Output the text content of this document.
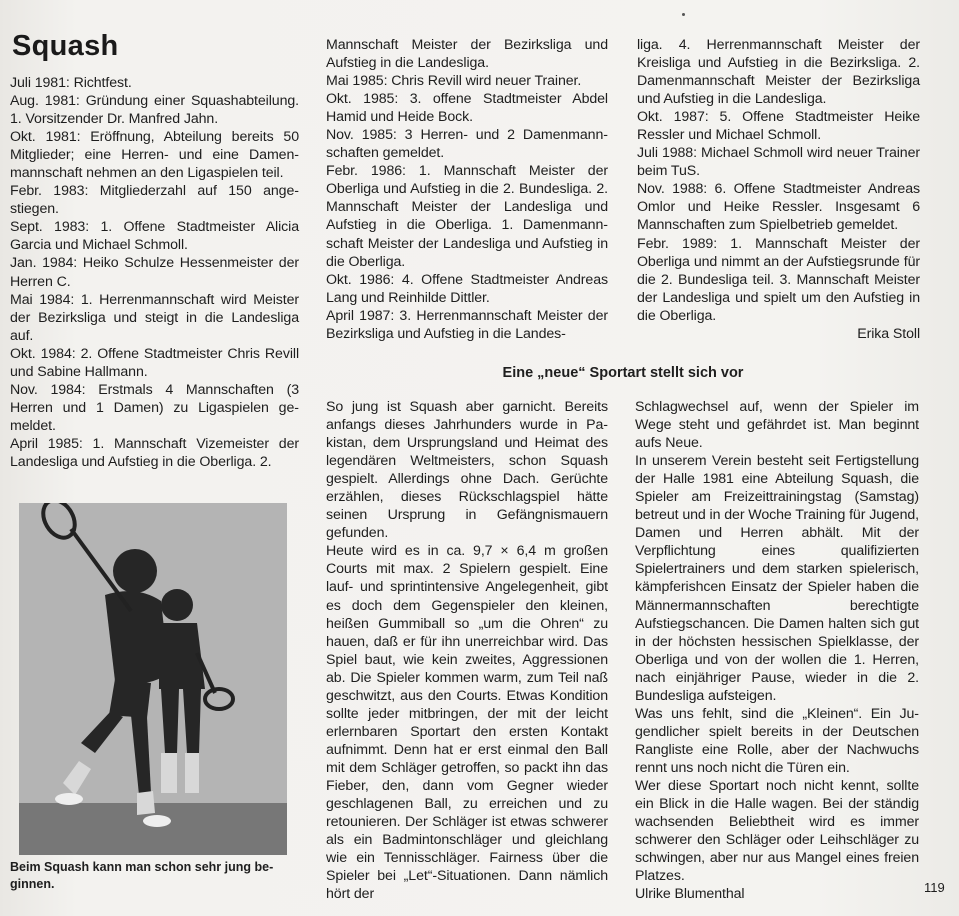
Squash

Juli 1981: Richtfest.

Aug. 1981: Gründung einer Squashabteilung. 1. Vorsitzender Dr. Manfred Jahn.

Okt. 1981: Eröffnung, Abteilung bereits 50 Mitglieder; eine Herren- und eine Damenmannschaft nehmen an den Ligaspielen teil.

Febr. 1983: Mitgliederzahl auf 150 angestiegen.

Sept. 1983: 1. Offene Stadtmeister Alicia Garcia und Michael Schmoll.

Jan. 1984: Heiko Schulze Hessenmeister der Herren C.

Mai 1984: 1. Herrenmannschaft wird Meister der Bezirksliga und steigt in die Landesliga auf.

Okt. 1984: 2. Offene Stadtmeister Chris Revill und Sabine Hallmann.

Nov. 1984: Erstmals 4 Mannschaften (3 Herren und 1 Damen) zu Ligaspielen gemeldet.

April 1985: 1. Mannschaft Vizemeister der Landesliga und Aufstieg in die Oberliga. 2.

Mannschaft Meister der Bezirksliga und Aufstieg in die Landesliga.

Mai 1985: Chris Revill wird neuer Trainer.

Okt. 1985: 3. offene Stadtmeister Abdel Hamid und Heide Bock.

Nov. 1985: 3 Herren- und 2 Damenmannschaften gemeldet.

Febr. 1986: 1. Mannschaft Meister der Oberliga und Aufstieg in die 2. Bundesliga. 2. Mannschaft Meister der Landesliga und Aufstieg in die Oberliga. 1. Damenmannschaft Meister der Landesliga und Aufstieg in die Oberliga.

Okt. 1986: 4. Offene Stadtmeister Andreas Lang und Reinhilde Dittler.

April 1987: 3. Herrenmannschaft Meister der Bezirksliga und Aufstieg in die Landes-

liga. 4. Herrenmannschaft Meister der Kreisliga und Aufstieg in die Bezirksliga. 2. Damenmannschaft Meister der Bezirksliga und Aufstieg in die Landesliga.

Okt. 1987: 5. Offene Stadtmeister Heike Ressler und Michael Schmoll.

Juli 1988: Michael Schmoll wird neuer Trainer beim TuS.

Nov. 1988: 6. Offene Stadtmeister Andreas Omlor und Heike Ressler. Insgesamt 6 Mannschaften zum Spielbetrieb gemeldet.

Febr. 1989: 1. Mannschaft Meister der Oberliga und nimmt an der Aufstiegsrunde für die 2. Bundesliga teil. 3. Mannschaft Meister der Landesliga und spielt um den Aufstieg in die Oberliga.

Erika Stoll
Eine „neue“ Sportart stellt sich vor

So jung ist Squash aber garnicht. Bereits anfangs dieses Jahrhunders wurde in Pakistan, dem Ursprungsland und Heimat des legendären Weltmeisters, schon Squash gespielt. Allerdings ohne Dach. Gerüchte erzählen, dieses Rückschlagspiel hätte seinen Ursprung in Gefängnismauern gefunden.

Heute wird es in ca. 9,7 × 6,4 m großen Courts mit max. 2 Spielern gespielt. Eine lauf- und sprintintensive Angelegenheit, gibt es doch dem Gegenspieler den kleinen, heißen Gummiball so „um die Ohren“ zu hauen, daß er für ihn unerreichbar wird. Das Spiel baut, wie kein zweites, Aggressionen ab. Die Spieler kommen warm, zum Teil naß geschwitzt, aus den Courts. Etwas Kondition sollte jeder mitbringen, der mit der leicht erlernbaren Sportart den ersten Kontakt aufnimmt. Denn hat er erst einmal den Ball mit dem Schläger getroffen, so packt ihn das Fieber, den, dann vom Gegner wieder geschlagenen Ball, zu erreichen und zu retounieren. Der Schläger ist etwas schwerer als ein Badmintonschläger und gleichlang wie ein Tennisschläger. Fairness über die Spieler bei „Let“-Situationen. Dann nämlich hört der

Schlagwechsel auf, wenn der Spieler im Wege steht und gefährdet ist. Man beginnt aufs Neue.

In unserem Verein besteht seit Fertigstellung der Halle 1981 eine Abteilung Squash, die Spieler am Freizeittrainingstag (Samstag) betreut und in der Woche Training für Jugend, Damen und Herren abhält. Mit der Verpflichtung eines qualifizierten Spielertrainers und dem starken spielerisch, kämpferishcen Einsatz der Spieler haben die Männermannschaften berechtigte Aufstiegschancen. Die Damen halten sich gut in der höchsten hessischen Spielklasse, der Oberliga und von der wollen die 1. Herren, nach einjähriger Pause, wieder in die 2. Bundesliga aufsteigen.

Was uns fehlt, sind die „Kleinen“. Ein Jugendlicher spielt bereits in der Deutschen Rangliste eine Rolle, aber der Nachwuchs rennt uns noch nicht die Türen ein.

Wer diese Sportart noch nicht kennt, sollte ein Blick in die Halle wagen. Bei der ständig wachsenden Beliebtheit wird es immer schwerer den Schläger oder Leihschläger zu schwingen, aber nur aus Mangel eines freien Platzes.

Ulrike Blumenthal

Beim Squash kann man schon sehr jung beginnen.	119
